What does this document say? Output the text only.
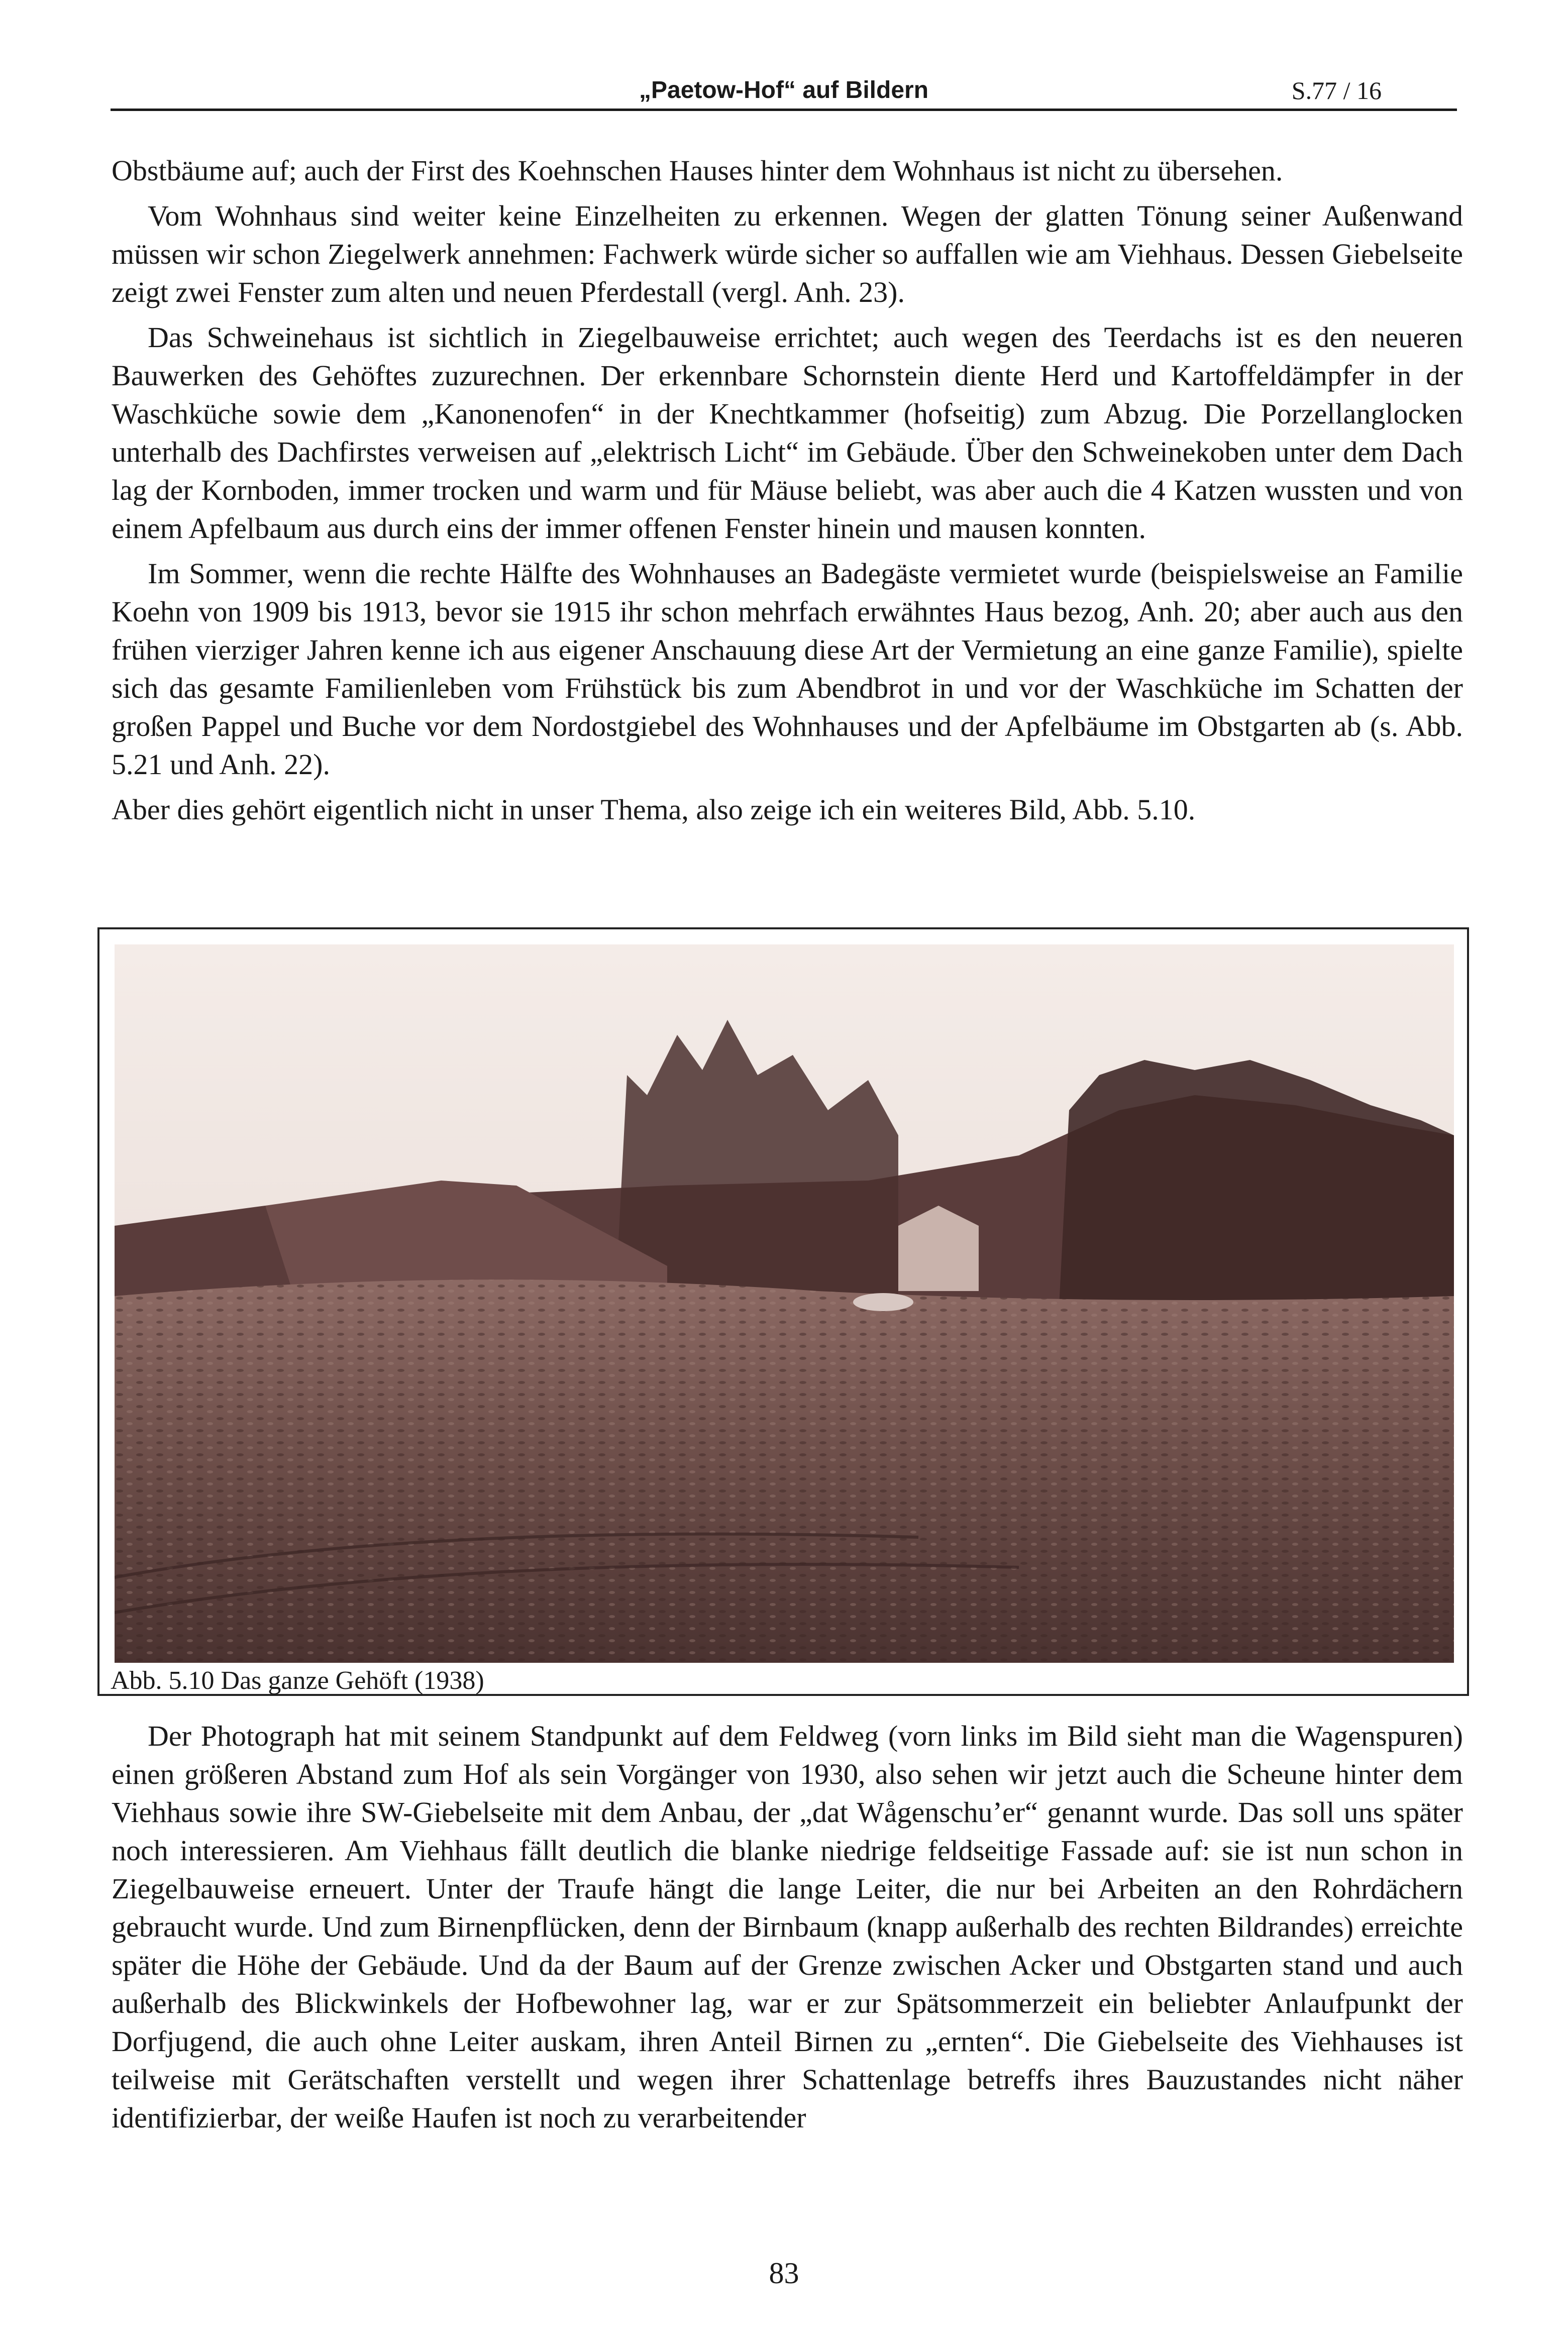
„Paetow-Hof“ auf Bildern	S.77 / 16

Obstbäume auf; auch der First des Koehnschen Hauses hinter dem Wohnhaus ist nicht zu übersehen.

Vom Wohnhaus sind weiter keine Einzelheiten zu erkennen. Wegen der glatten Tönung seiner Außenwand müssen wir schon Ziegelwerk annehmen: Fachwerk würde sicher so auffallen wie am Viehhaus. Dessen Giebelseite zeigt zwei Fenster zum alten und neuen Pferdestall (vergl. Anh. 23).

Das Schweinehaus ist sichtlich in Ziegelbauweise errichtet; auch wegen des Teerdachs ist es den neueren Bauwerken des Gehöftes zuzurechnen. Der erkennbare Schornstein diente Herd und Kartoffeldämpfer in der Waschküche sowie dem „Kanonenofen“ in der Knechtkammer (hofseitig) zum Abzug. Die Porzellanglocken unterhalb des Dachfirstes verweisen auf „elektrisch Licht“ im Gebäude. Über den Schweinekoben unter dem Dach lag der Kornboden, immer trocken und warm und für Mäuse beliebt, was aber auch die 4 Katzen wussten und von einem Apfelbaum aus durch eins der immer offenen Fenster hinein und mausen konnten.

Im Sommer, wenn die rechte Hälfte des Wohnhauses an Badegäste vermietet wurde (beispielsweise an Familie Koehn von 1909 bis 1913, bevor sie 1915 ihr schon mehrfach erwähntes Haus bezog, Anh. 20; aber auch aus den frühen vierziger Jahren kenne ich aus eigener Anschauung diese Art der Vermietung an eine ganze Familie), spielte sich das gesamte Familienleben vom Frühstück bis zum Abendbrot in und vor der Waschküche im Schatten der großen Pappel und Buche vor dem Nordostgiebel des Wohnhauses und der Apfelbäume im Obstgarten ab (s. Abb. 5.21 und Anh. 22).

Aber dies gehört eigentlich nicht in unser Thema, also zeige ich ein weiteres Bild, Abb. 5.10.

Abb. 5.10 Das ganze Gehöft (1938)

Der Photograph hat mit seinem Standpunkt auf dem Feldweg (vorn links im Bild sieht man die Wagenspuren) einen größeren Abstand zum Hof als sein Vorgänger von 1930, also sehen wir jetzt auch die Scheune hinter dem Viehhaus sowie ihre SW-Giebelseite mit dem Anbau, der „dat Wågenschu’er“ genannt wurde. Das soll uns später noch interessieren. Am Viehhaus fällt deutlich die blanke niedrige feldseitige Fassade auf: sie ist nun schon in Ziegelbauweise erneuert. Unter der Traufe hängt die lange Leiter, die nur bei Arbeiten an den Rohrdächern gebraucht wurde. Und zum Birnenpflücken, denn der Birnbaum (knapp außerhalb des rechten Bildrandes) erreichte später die Höhe der Gebäude. Und da der Baum auf der Grenze zwischen Acker und Obstgarten stand und auch außerhalb des Blickwinkels der Hofbewohner lag, war er zur Spätsommerzeit ein beliebter Anlaufpunkt der Dorfjugend, die auch ohne Leiter auskam, ihren Anteil Birnen zu „ernten“. Die Giebelseite des Viehhauses ist teilweise mit Gerätschaften verstellt und wegen ihrer Schattenlage betreffs ihres Bauzustandes nicht näher identifizierbar, der weiße Haufen ist noch zu verarbeitender

83
